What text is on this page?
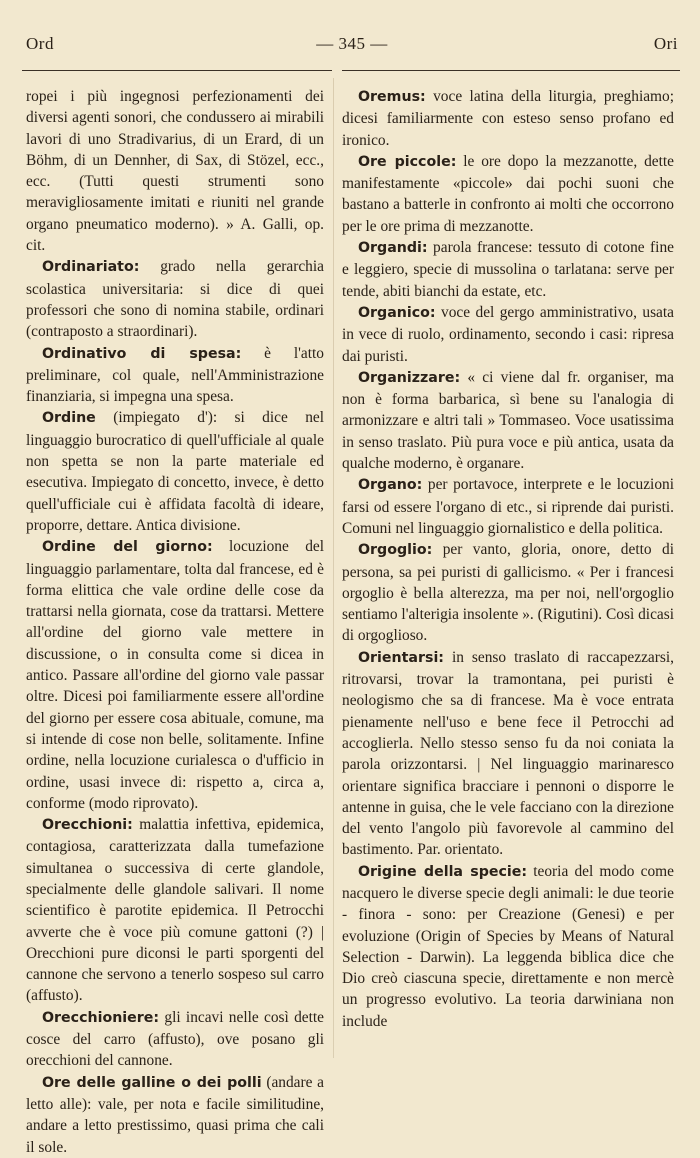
Ord	— 345 —	Ori

ropei i più ingegnosi perfezionamenti dei diversi agenti sonori, che condussero ai mirabili lavori di uno Stradivarius, di un Erard, di un Böhm, di un Dennher, di Sax, di Stözel, ecc., ecc. (Tutti questi strumenti sono meravigliosamente imitati e riuniti nel grande organo pneumatico moderno). » A. Galli, op. cit.

Ordinariato: grado nella gerarchia scolastica universitaria: si dice di quei professori che sono di nomina stabile, ordinari (contraposto a straordinari).

Ordinativo di spesa: è l'atto preliminare, col quale, nell'Amministrazione finanziaria, si impegna una spesa.

Ordine (impiegato d'): si dice nel linguaggio burocratico di quell'ufficiale al quale non spetta se non la parte materiale ed esecutiva. Impiegato di concetto, invece, è detto quell'ufficiale cui è affidata facoltà di ideare, proporre, dettare. Antica divisione.

Ordine del giorno: locuzione del linguaggio parlamentare, tolta dal francese, ed è forma elittica che vale ordine delle cose da trattarsi nella giornata, cose da trattarsi. Mettere all'ordine del giorno vale mettere in discussione, o in consulta come si dicea in antico. Passare all'ordine del giorno vale passar oltre. Dicesi poi familiarmente essere all'ordine del giorno per essere cosa abituale, comune, ma si intende di cose non belle, solitamente. Infine ordine, nella locuzione curialesca o d'ufficio in ordine, usasi invece di: rispetto a, circa a, conforme (modo riprovato).

Orecchioni: malattia infettiva, epidemica, contagiosa, caratterizzata dalla tumefazione simultanea o successiva di certe glandole, specialmente delle glandole salivari. Il nome scientifico è parotite epidemica. Il Petrocchi avverte che è voce più comune gattoni (?) | Orecchioni pure diconsi le parti sporgenti del cannone che servono a tenerlo sospeso sul carro (affusto).

Orecchioniere: gli incavi nelle così dette cosce del carro (affusto), ove posano gli orecchioni del cannone.

Ore delle galline o dei polli (andare a letto alle): vale, per nota e facile similitudine, andare a letto prestissimo, quasi prima che cali il sole.

Oremus: voce latina della liturgia, preghiamo; dicesi familiarmente con esteso senso profano ed ironico.

Ore piccole: le ore dopo la mezzanotte, dette manifestamente «piccole» dai pochi suoni che bastano a batterle in confronto ai molti che occorrono per le ore prima di mezzanotte.

Organdi: parola francese: tessuto di cotone fine e leggiero, specie di mussolina o tarlatana: serve per tende, abiti bianchi da estate, etc.

Organico: voce del gergo amministrativo, usata in vece di ruolo, ordinamento, secondo i casi: ripresa dai puristi.

Organizzare: « ci viene dal fr. organiser, ma non è forma barbarica, sì bene su l'analogia di armonizzare e altri tali » Tommaseo. Voce usatissima in senso traslato. Più pura voce e più antica, usata da qualche moderno, è organare.

Organo: per portavoce, interprete e le locuzioni farsi od essere l'organo di etc., si riprende dai puristi. Comuni nel linguaggio giornalistico e della politica.

Orgoglio: per vanto, gloria, onore, detto di persona, sa pei puristi di gallicismo. « Per i francesi orgoglio è bella alterezza, ma per noi, nell'orgoglio sentiamo l'alterigia insolente ». (Rigutini). Così dicasi di orgoglioso.

Orientarsi: in senso traslato di raccapezzarsi, ritrovarsi, trovar la tramontana, pei puristi è neologismo che sa di francese. Ma è voce entrata pienamente nell'uso e bene fece il Petrocchi ad accoglierla. Nello stesso senso fu da noi coniata la parola orizzontarsi. | Nel linguaggio marinaresco orientare significa bracciare i pennoni o disporre le antenne in guisa, che le vele facciano con la direzione del vento l'angolo più favorevole al cammino del bastimento. Par. orientato.

Origine della specie: teoria del modo come nacquero le diverse specie degli animali: le due teorie - finora - sono: per Creazione (Genesi) e per evoluzione (Origin of Species by Means of Natural Selection - Darwin). La leggenda biblica dice che Dio creò ciascuna specie, direttamente e non mercè un progresso evolutivo. La teoria darwiniana non include
